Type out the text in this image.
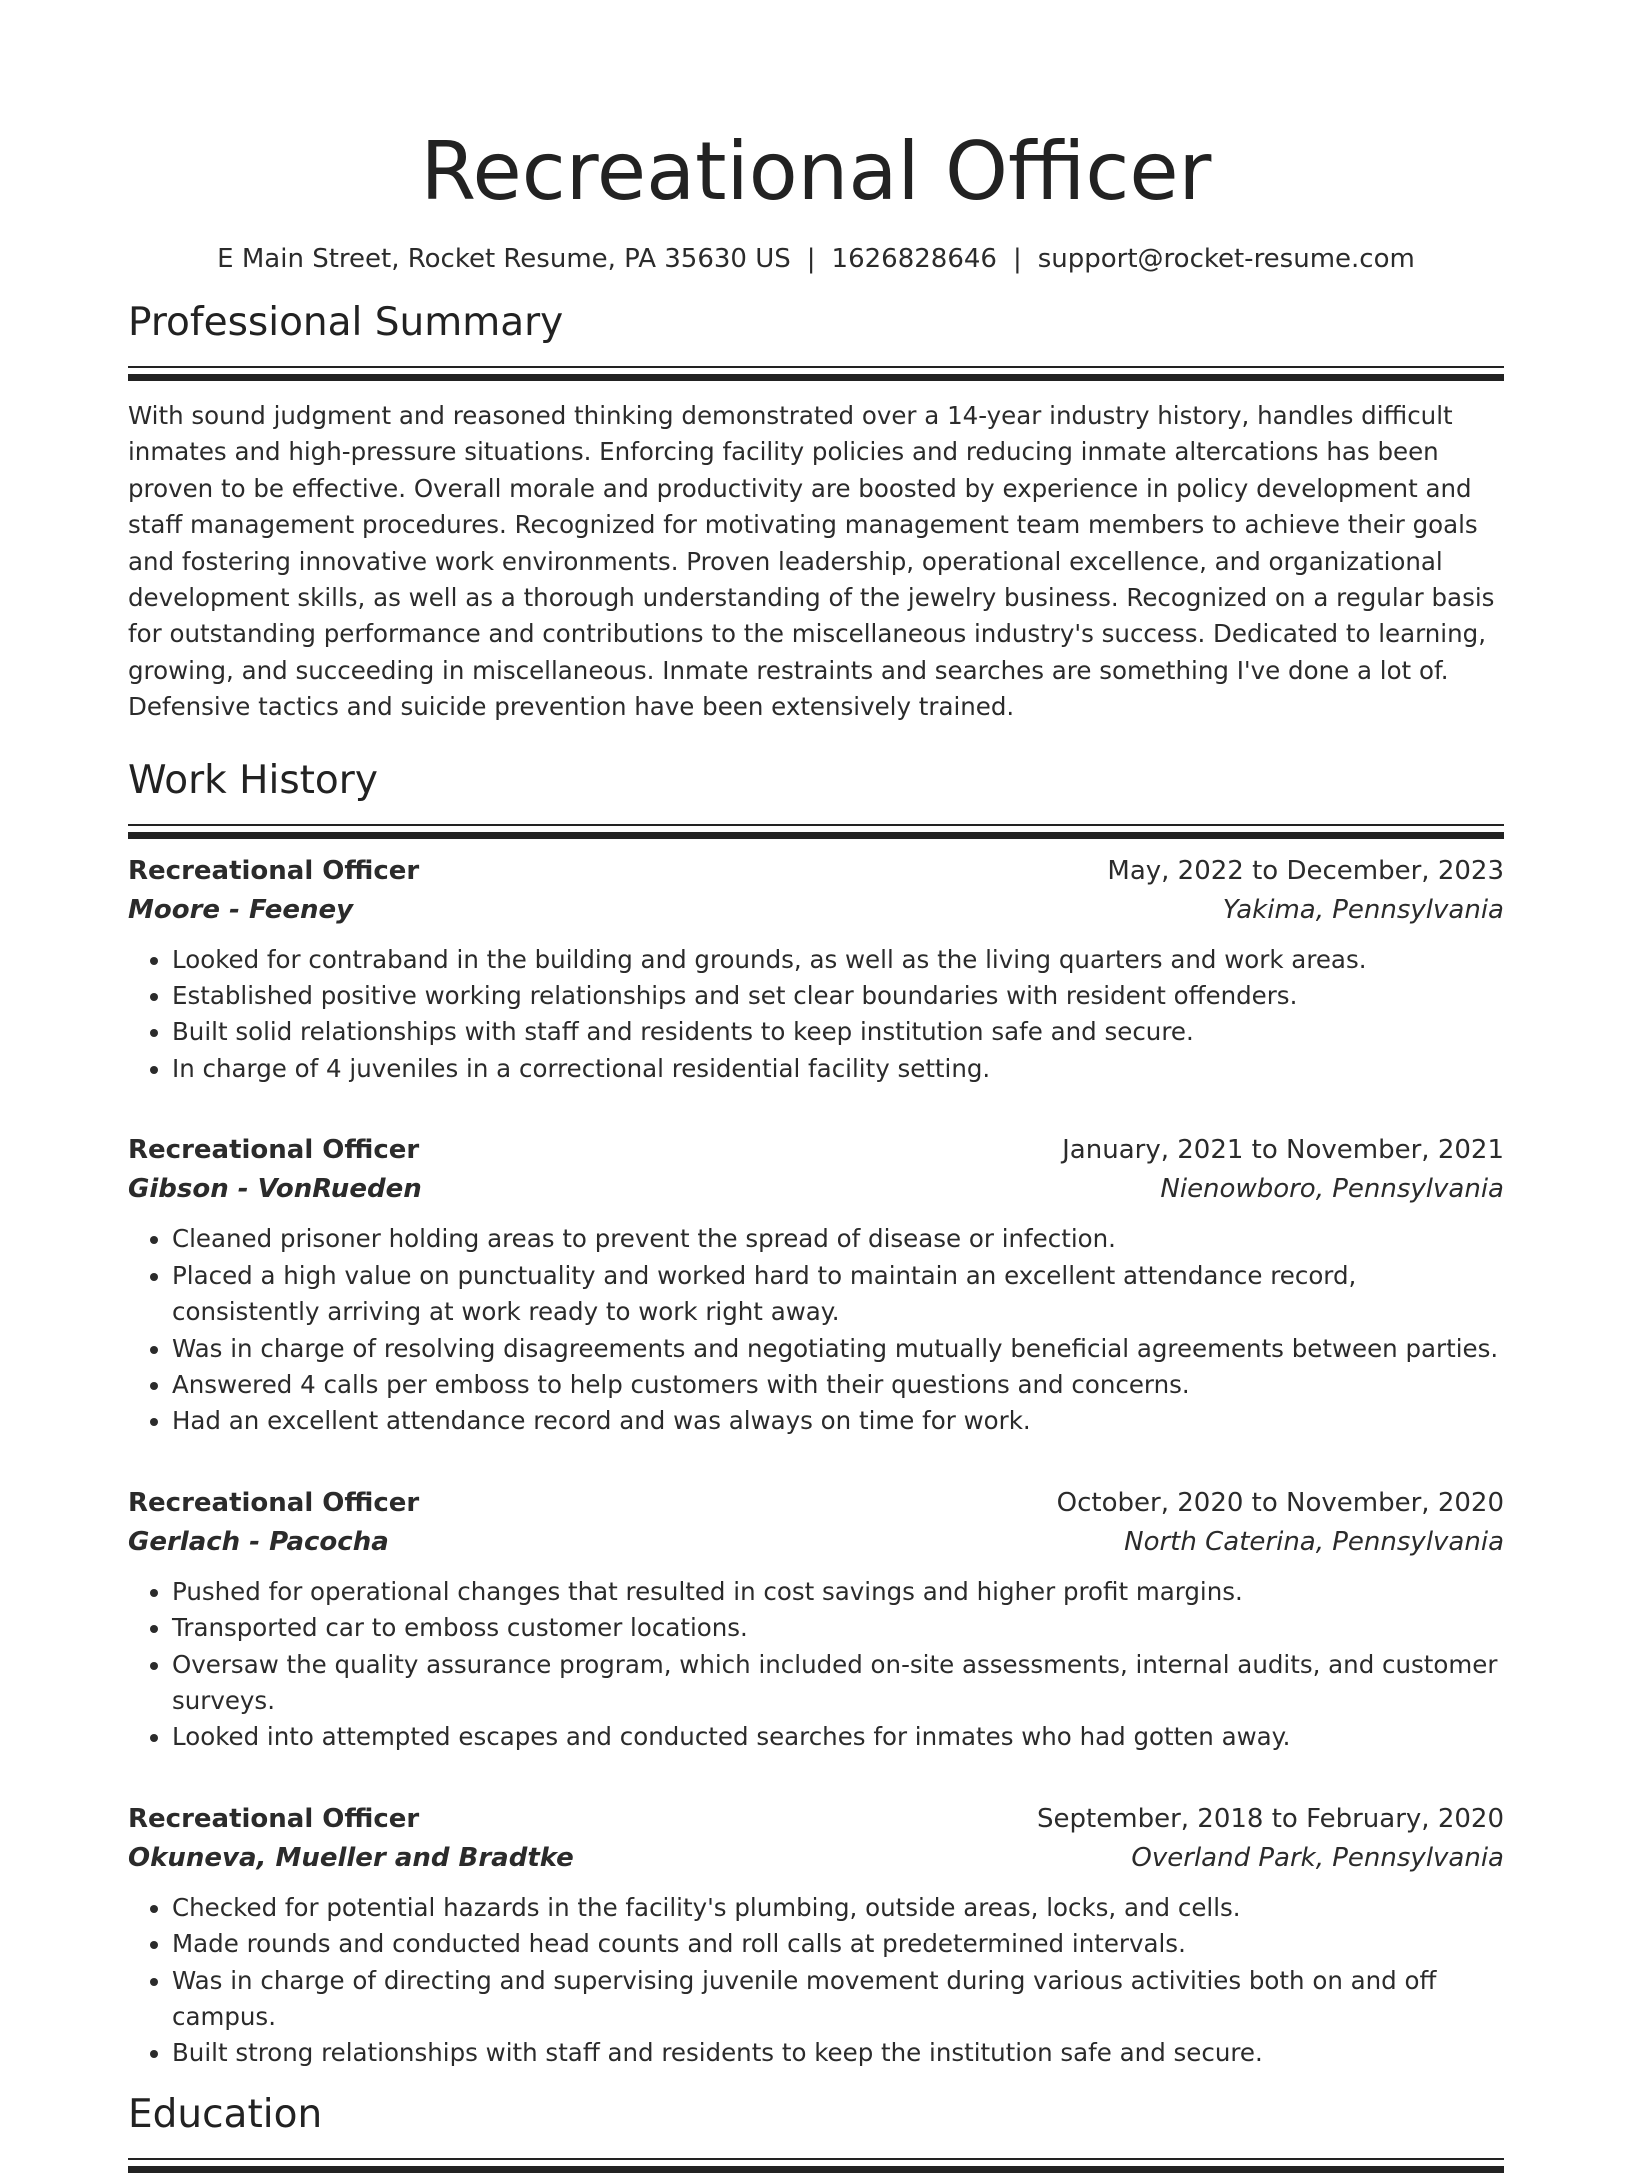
Recreational Officer
E Main Street, Rocket Resume, PA 35630 US | 1626828646 | support@rocket-resume.com
Professional Summary
With sound judgment and reasoned thinking demonstrated over a 14-year industry history, handles difficult inmates and high-pressure situations. Enforcing facility policies and reducing inmate altercations has been proven to be effective. Overall morale and productivity are boosted by experience in policy development and staff management procedures. Recognized for motivating management team members to achieve their goals and fostering innovative work environments. Proven leadership, operational excellence, and organizational development skills, as well as a thorough understanding of the jewelry business. Recognized on a regular basis for outstanding performance and contributions to the miscellaneous industry's success. Dedicated to learning, growing, and succeeding in miscellaneous. Inmate restraints and searches are something I've done a lot of. Defensive tactics and suicide prevention have been extensively trained.
Work History
Recreational Officer	May, 2022 to December, 2023
Moore - Feeney	Yakima, Pennsylvania
• Looked for contraband in the building and grounds, as well as the living quarters and work areas.
• Established positive working relationships and set clear boundaries with resident offenders.
• Built solid relationships with staff and residents to keep institution safe and secure.
• In charge of 4 juveniles in a correctional residential facility setting.
Recreational Officer	January, 2021 to November, 2021
Gibson - VonRueden	Nienowboro, Pennsylvania
• Cleaned prisoner holding areas to prevent the spread of disease or infection.
• Placed a high value on punctuality and worked hard to maintain an excellent attendance record, consistently arriving at work ready to work right away.
• Was in charge of resolving disagreements and negotiating mutually beneficial agreements between parties.
• Answered 4 calls per emboss to help customers with their questions and concerns.
• Had an excellent attendance record and was always on time for work.
Recreational Officer	October, 2020 to November, 2020
Gerlach - Pacocha	North Caterina, Pennsylvania
• Pushed for operational changes that resulted in cost savings and higher profit margins.
• Transported car to emboss customer locations.
• Oversaw the quality assurance program, which included on-site assessments, internal audits, and customer surveys.
• Looked into attempted escapes and conducted searches for inmates who had gotten away.
Recreational Officer	September, 2018 to February, 2020
Okuneva, Mueller and Bradtke	Overland Park, Pennsylvania
• Checked for potential hazards in the facility's plumbing, outside areas, locks, and cells.
• Made rounds and conducted head counts and roll calls at predetermined intervals.
• Was in charge of directing and supervising juvenile movement during various activities both on and off campus.
• Built strong relationships with staff and residents to keep the institution safe and secure.
Education
